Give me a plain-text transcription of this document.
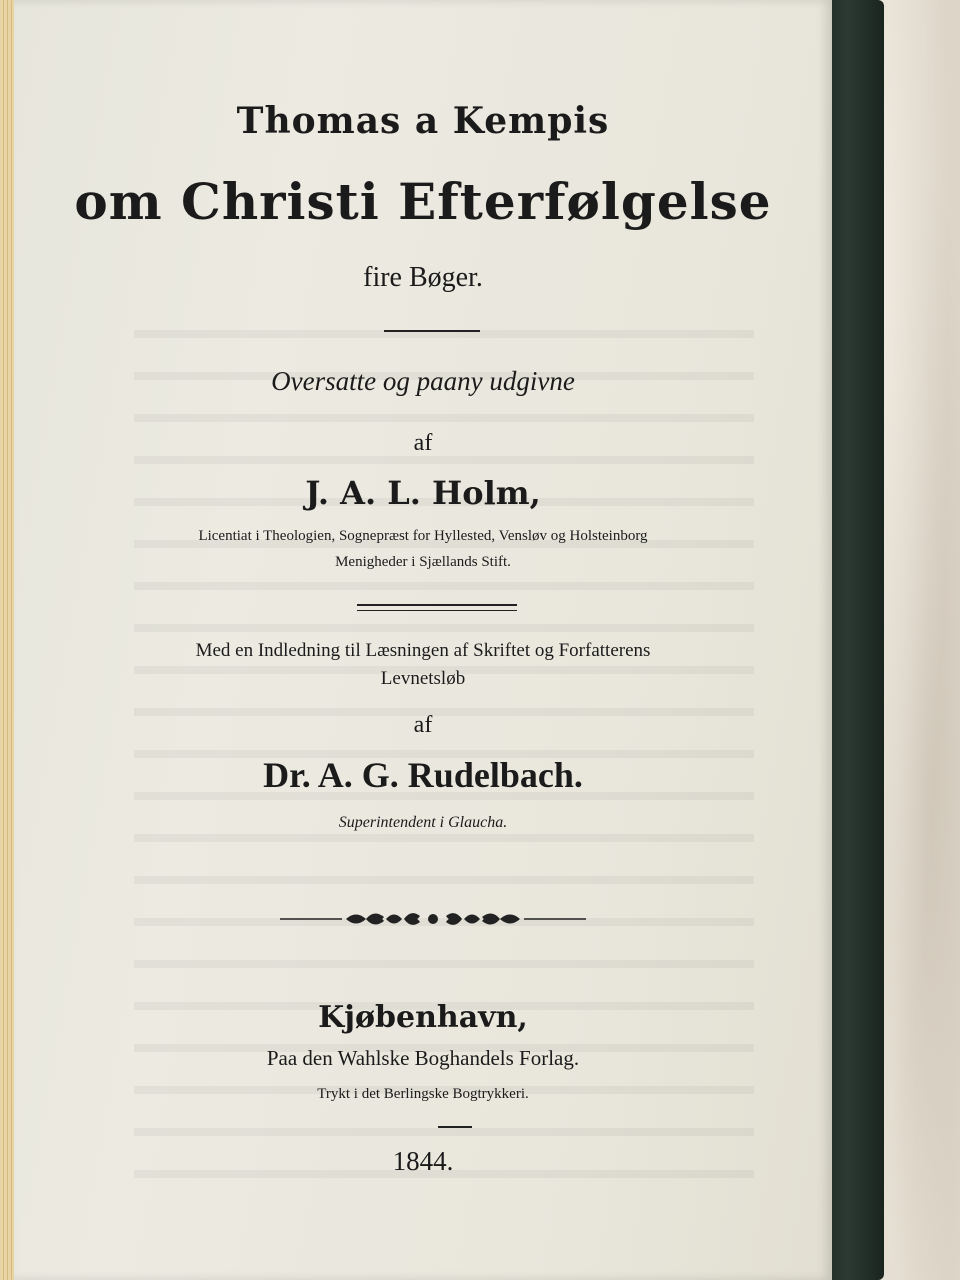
Thomas a Kempis
om Christi Efterfølgelse
fire Bøger.
Oversatte og paany udgivne
af
J. A. L. Holm,
Licentiat i Theologien, Sognepræst for Hyllested, Vensløv og Holsteinborg
Menigheder i Sjællands Stift.
Med en Indledning til Læsningen af Skriftet og Forfatterens
Levnetsløb
af
Dr. A. G. Rudelbach.
Superintendent i Glaucha.
Kjøbenhavn,
Paa den Wahlske Boghandels Forlag.
Trykt i det Berlingske Bogtrykkeri.
1844.
